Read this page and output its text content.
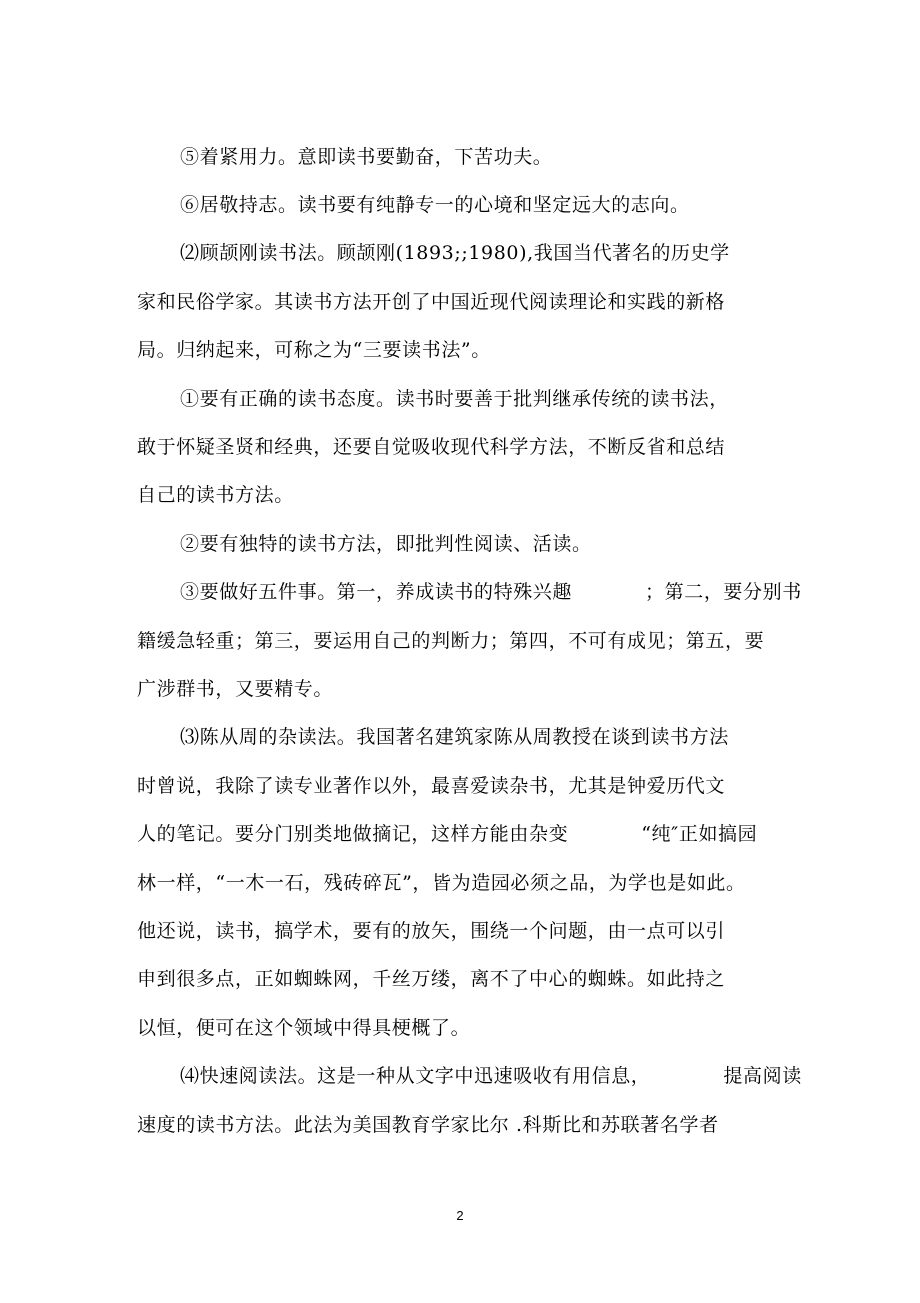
⑤着紧用力。意即读书要勤奋，下苦功夫。
⑥居敬持志。读书要有纯静专一的心境和坚定远大的志向。
⑵顾颉刚读书法。顾颉刚(1893;;1980),我国当代著名的历史学
家和民俗学家。其读书方法开创了中国近现代阅读理论和实践的新格
局。归纳起来，可称之为“三要读书法”。
①要有正确的读书态度。读书时要善于批判继承传统的读书法，
敢于怀疑圣贤和经典，还要自觉吸收现代科学方法，不断反省和总结
自己的读书方法。
②要有独特的读书方法，即批判性阅读、活读。
③要做好五件事。第一，养成读书的特殊兴趣           ；第二，要分别书
籍缓急轻重；第三，要运用自己的判断力；第四，不可有成见；第五，要
广涉群书，又要精专。
⑶陈从周的杂读法。我国著名建筑家陈从周教授在谈到读书方法
时曾说，我除了读专业著作以外，最喜爱读杂书，尤其是钟爱历代文
人的笔记。要分门别类地做摘记，这样方能由杂变           “纯″正如搞园
林一样，“一木一石，残砖碎瓦”，皆为造园必须之品，为学也是如此。
他还说，读书，搞学术，要有的放矢，围绕一个问题，由一点可以引
申到很多点，正如蜘蛛网，千丝万缕，离不了中心的蜘蛛。如此持之
以恒，便可在这个领域中得具梗概了。
⑷快速阅读法。这是一种从文字中迅速吸收有用信息，           提高阅读
速度的读书方法。此法为美国教育学家比尔 .科斯比和苏联著名学者
2
